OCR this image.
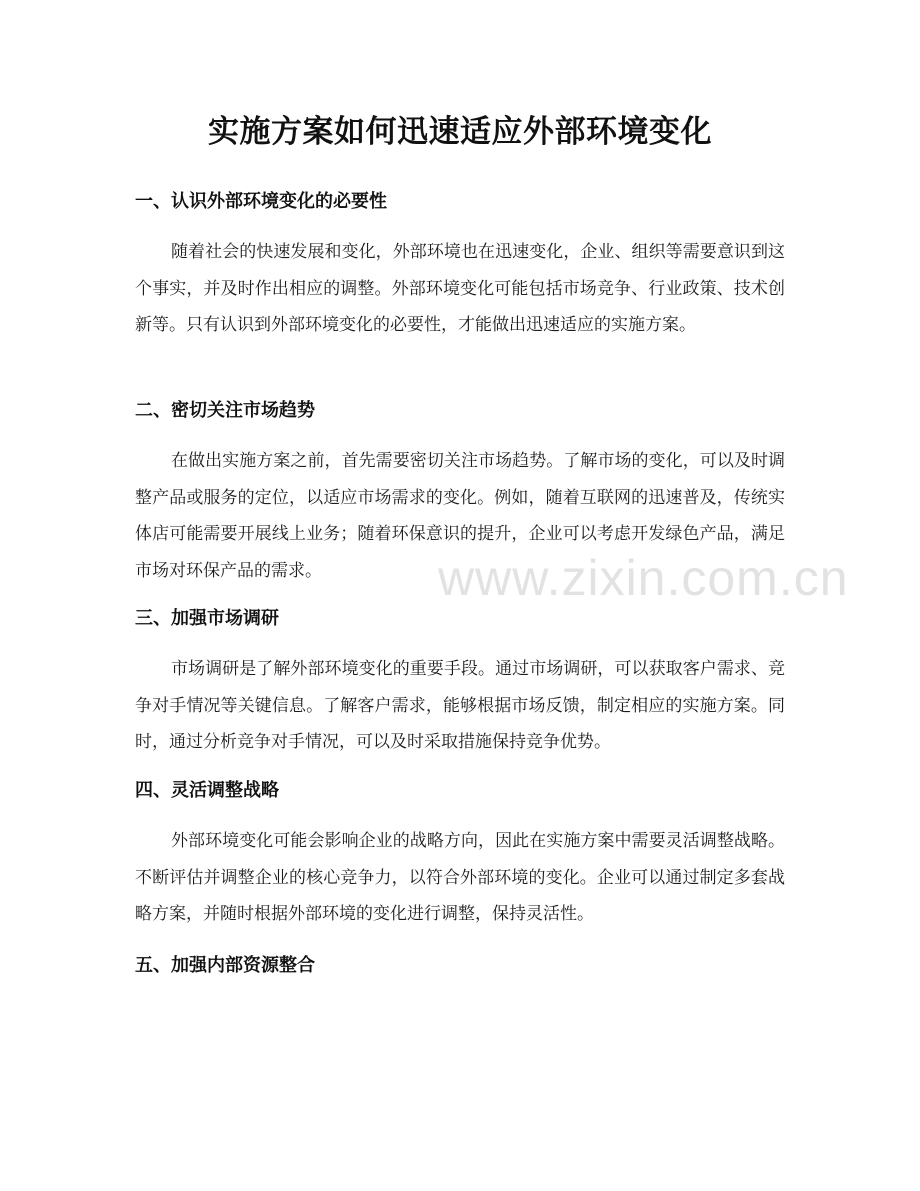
实施方案如何迅速适应外部环境变化
一、认识外部环境变化的必要性

随着社会的快速发展和变化，外部环境也在迅速变化，企业、组织等需要意识到这个事实，并及时作出相应的调整。外部环境变化可能包括市场竞争、行业政策、技术创新等。只有认识到外部环境变化的必要性，才能做出迅速适应的实施方案。

二、密切关注市场趋势

在做出实施方案之前，首先需要密切关注市场趋势。了解市场的变化，可以及时调整产品或服务的定位，以适应市场需求的变化。例如，随着互联网的迅速普及，传统实体店可能需要开展线上业务；随着环保意识的提升，企业可以考虑开发绿色产品，满足市场对环保产品的需求。

三、加强市场调研

市场调研是了解外部环境变化的重要手段。通过市场调研，可以获取客户需求、竞争对手情况等关键信息。了解客户需求，能够根据市场反馈，制定相应的实施方案。同时，通过分析竞争对手情况，可以及时采取措施保持竞争优势。

四、灵活调整战略

外部环境变化可能会影响企业的战略方向，因此在实施方案中需要灵活调整战略。不断评估并调整企业的核心竞争力，以符合外部环境的变化。企业可以通过制定多套战略方案，并随时根据外部环境的变化进行调整，保持灵活性。

五、加强内部资源整合
www.zixin.com.cn
